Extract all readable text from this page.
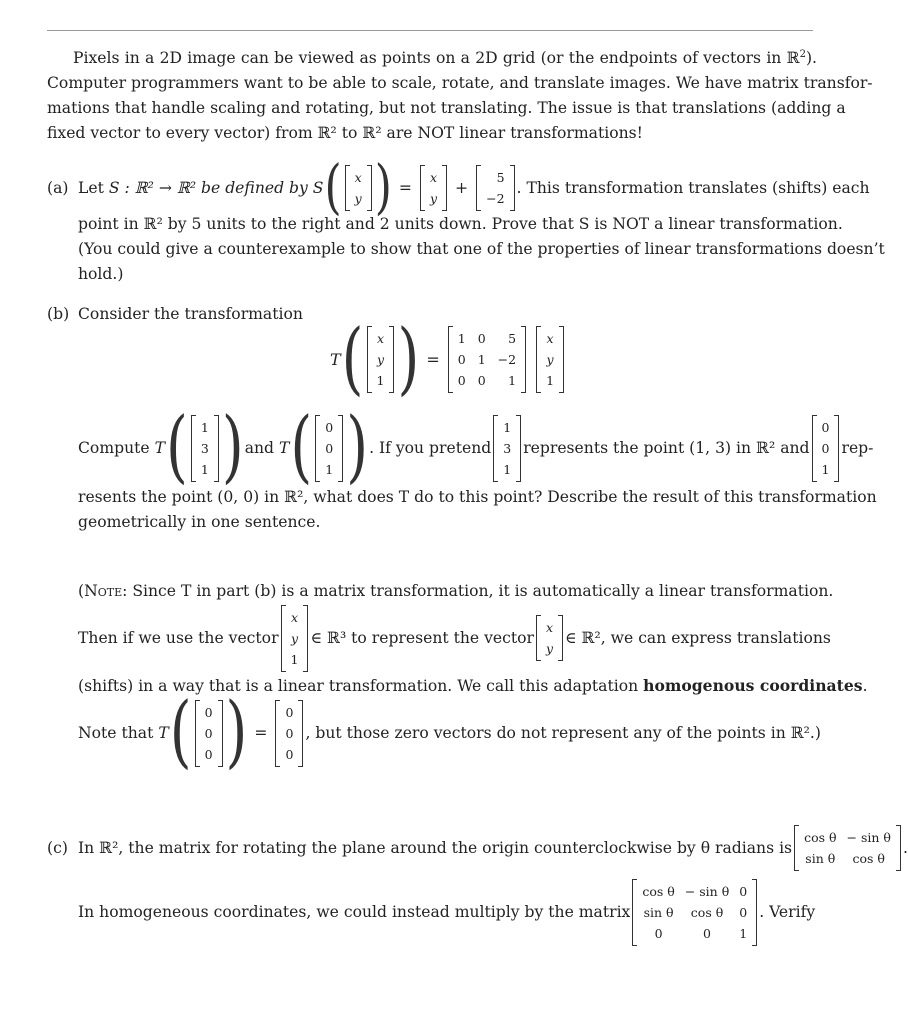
Pixels in a 2D image can be viewed as points on a 2D grid (or the endpoints of vectors in ℝ$^2$).
Computer programmers want to be able to scale, rotate, and translate images. We have matrix transfor-
mations that handle scaling and rotating, but not translating. The issue is that translations (adding a
fixed vector to every vector) from ℝ² to ℝ² are NOT linear transformations!
(a) Let
S : ℝ² → ℝ² be defined by
S ( x
y ) =
x
y
+
5
−2
. This transformation translates (shifts) each
point in ℝ² by 5 units to the right and 2 units down. Prove that S is NOT a linear transformation.
(You could give a counterexample to show that one of the properties of linear transformations doesn’t
hold.)
(b) Consider the transformation
T ( x
y
1 ) =
1
0
0
0
1
0
5
−2
1
x
y
1
Compute
T ( 1
3
1 ) and
T ( 0
0
1 ) . If you pretend
1
3
1
represents the point (1, 3) in ℝ² and
0
0
1
rep-
resents the point (0, 0) in ℝ², what does T do to this point? Describe the result of this transformation
geometrically in one sentence.
(Note: Since T in part (b) is a matrix transformation, it is automatically a linear transformation.
Then if we use the vector
x
y
1
∈ ℝ³ to represent the vector
x
y
∈ ℝ², we can express translations
(shifts) in a way that is a linear transformation. We call this adaptation homogenous coordinates.
Note that
T ( 0
0
0 ) =
0
0
0
, but those zero vectors do not represent any of the points in ℝ².)
(c) In ℝ², the matrix for rotating the plane around the origin counterclockwise by θ radians is
cos θ
sin θ
− sin θ
cos θ
.
In homogeneous coordinates, we could instead multiply by the matrix
cos θ
sin θ
0
− sin θ
cos θ
0
0
0
1
. Verify
